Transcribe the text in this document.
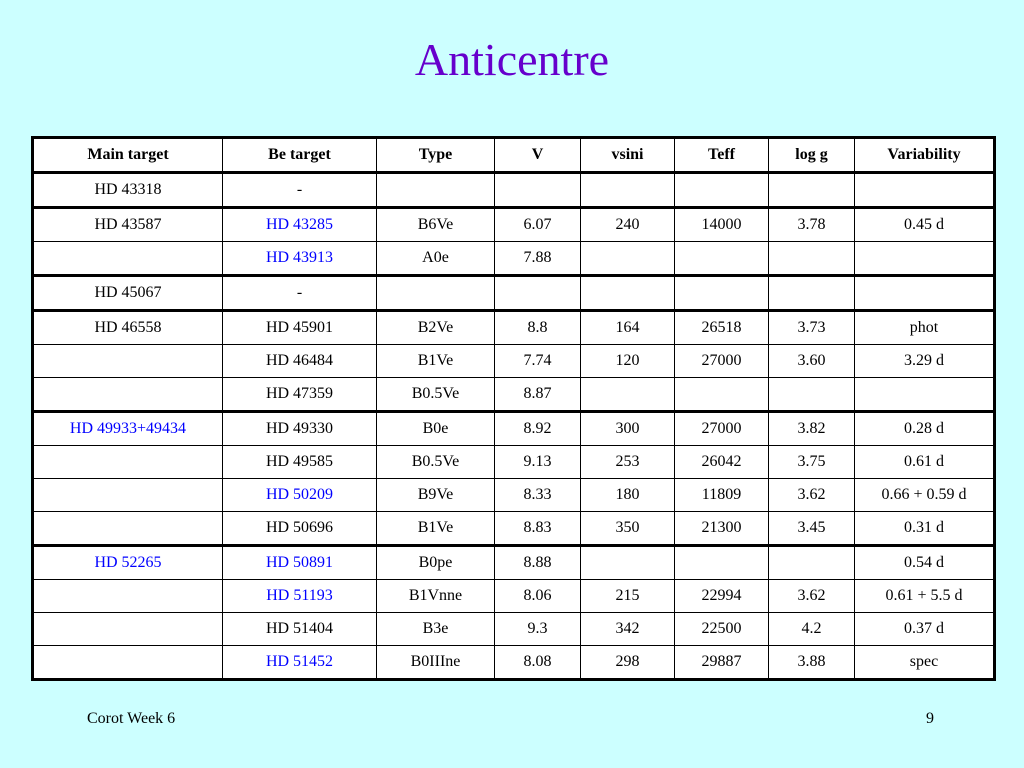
Anticentre
Main target	Be target	Type	V	vsini	Teff	log g	Variability
HD 43318	-						
HD 43587	HD 43285	B6Ve	6.07	240	14000	3.78	0.45 d
	HD 43913	A0e	7.88				
HD 45067	-						
HD 46558	HD 45901	B2Ve	8.8	164	26518	3.73	phot
	HD 46484	B1Ve	7.74	120	27000	3.60	3.29 d
	HD 47359	B0.5Ve	8.87				
HD 49933+49434	HD 49330	B0e	8.92	300	27000	3.82	0.28 d
	HD 49585	B0.5Ve	9.13	253	26042	3.75	0.61 d
	HD 50209	B9Ve	8.33	180	11809	3.62	0.66 + 0.59 d
	HD 50696	B1Ve	8.83	350	21300	3.45	0.31 d
HD 52265	HD 50891	B0pe	8.88				0.54 d
	HD 51193	B1Vnne	8.06	215	22994	3.62	0.61 + 5.5 d
	HD 51404	B3e	9.3	342	22500	4.2	0.37 d
	HD 51452	B0IIIne	8.08	298	29887	3.88	spec
Corot Week 6	9
